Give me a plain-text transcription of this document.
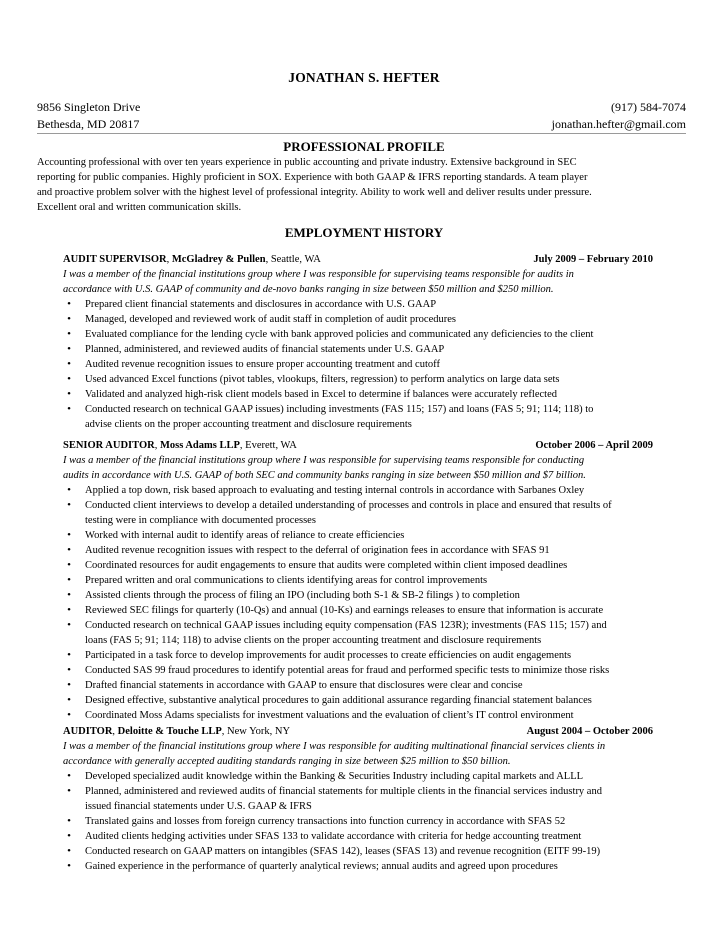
JONATHAN S. HEFTER
9856 Singleton Drive	(917) 584-7074
Bethesda, MD 20817	jonathan.hefter@gmail.com
PROFESSIONAL PROFILE
Accounting professional with over ten years experience in public accounting and private industry. Extensive background in SEC
reporting for public companies. Highly proficient in SOX. Experience with both GAAP & IFRS reporting standards. A team player
and proactive problem solver with the highest level of professional integrity. Ability to work well and deliver results under pressure.
Excellent oral and written communication skills.
EMPLOYMENT HISTORY
AUDIT SUPERVISOR, McGladrey & Pullen, Seattle, WA	July 2009 – February 2010
I was a member of the financial institutions group where I was responsible for supervising teams responsible for audits in
accordance with U.S. GAAP of community and de-novo banks ranging in size between $50 million and $250 million.
•	Prepared client financial statements and disclosures in accordance with U.S. GAAP
•	Managed, developed and reviewed work of audit staff in completion of audit procedures
•	Evaluated compliance for the lending cycle with bank approved policies and communicated any deficiencies to the client
•	Planned, administered, and reviewed audits of financial statements under U.S. GAAP
•	Audited revenue recognition issues to ensure proper accounting treatment and cutoff
•	Used advanced Excel functions (pivot tables, vlookups, filters, regression) to perform analytics on large data sets
•	Validated and analyzed high-risk client models based in Excel to determine if balances were accurately reflected
•	Conducted research on technical GAAP issues) including investments (FAS 115; 157) and loans (FAS 5; 91; 114; 118) to
advise clients on the proper accounting treatment and disclosure requirements
SENIOR AUDITOR, Moss Adams LLP, Everett, WA	October 2006 – April 2009
I was a member of the financial institutions group where I was responsible for supervising teams responsible for conducting
audits in accordance with U.S. GAAP of both SEC and community banks ranging in size between $50 million and $7 billion.
•	Applied a top down, risk based approach to evaluating and testing internal controls in accordance with Sarbanes Oxley
•	Conducted client interviews to develop a detailed understanding of processes and controls in place and ensured that results of
testing were in compliance with documented processes
•	Worked with internal audit to identify areas of reliance to create efficiencies
•	Audited revenue recognition issues with respect to the deferral of origination fees in accordance with SFAS 91
•	Coordinated resources for audit engagements to ensure that audits were completed within client imposed deadlines
•	Prepared written and oral communications to clients identifying areas for control improvements
•	Assisted clients through the process of filing an IPO (including both S-1 & SB-2 filings ) to completion
•	Reviewed SEC filings for quarterly (10-Qs) and annual (10-Ks) and earnings releases to ensure that information is accurate
•	Conducted research on technical GAAP issues including equity compensation (FAS 123R); investments (FAS 115; 157) and
loans (FAS 5; 91; 114; 118) to advise clients on the proper accounting treatment and disclosure requirements
•	Participated in a task force to develop improvements for audit processes to create efficiencies on audit engagements
•	Conducted SAS 99 fraud procedures to identify potential areas for fraud and performed specific tests to minimize those risks
•	Drafted financial statements in accordance with GAAP to ensure that disclosures were clear and concise
•	Designed effective, substantive analytical procedures to gain additional assurance regarding financial statement balances
•	Coordinated Moss Adams specialists for investment valuations and the evaluation of client’s IT control environment
AUDITOR, Deloitte & Touche LLP, New York, NY	August 2004 – October 2006
I was a member of the financial institutions group where I was responsible for auditing multinational financial services clients in
accordance with generally accepted auditing standards ranging in size between $25 million to $50 billion.
•	Developed specialized audit knowledge within the Banking & Securities Industry including capital markets and ALLL
•	Planned, administered and reviewed audits of financial statements for multiple clients in the financial services industry and
issued financial statements under U.S. GAAP & IFRS
•	Translated gains and losses from foreign currency transactions into function currency in accordance with SFAS 52
•	Audited clients hedging activities under SFAS 133 to validate accordance with criteria for hedge accounting treatment
•	Conducted research on GAAP matters on intangibles (SFAS 142), leases (SFAS 13) and revenue recognition (EITF 99-19)
•	Gained experience in the performance of quarterly analytical reviews; annual audits and agreed upon procedures
